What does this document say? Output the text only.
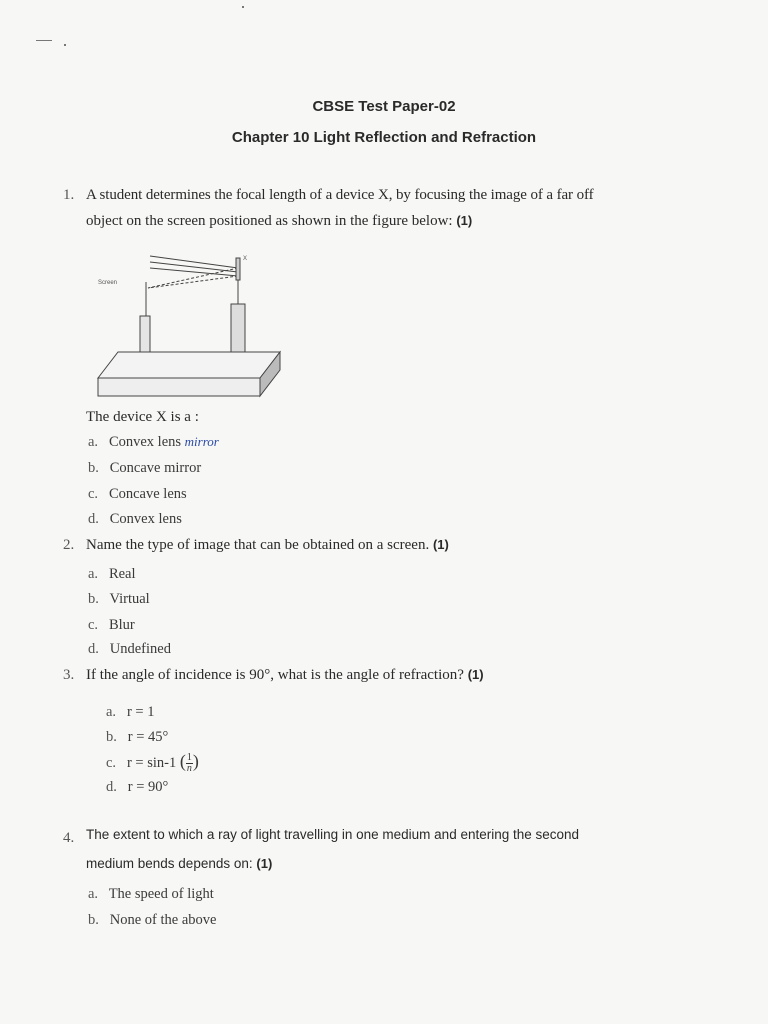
CBSE Test Paper-02
Chapter 10 Light Reflection and Refraction
1. A student determines the focal length of a device X, by focusing the image of a far off
object on the screen positioned as shown in the figure below: (1)
Screen
X
The device X is a :
a. Convex lens mirror
b. Concave mirror
c. Concave lens
d. Convex lens
2. Name the type of image that can be obtained on a screen. (1)
a. Real
b. Virtual
c. Blur
d. Undefined
3. If the angle of incidence is 90°, what is the angle of refraction? (1)
a. r = 1
b. r = 45°
c. r = sin-1 ( $\frac{1}{n}$ )
d. r = 90°
4. The extent to which a ray of light travelling in one medium and entering the second
medium bends depends on: (1)
a. The speed of light
b. None of the above
